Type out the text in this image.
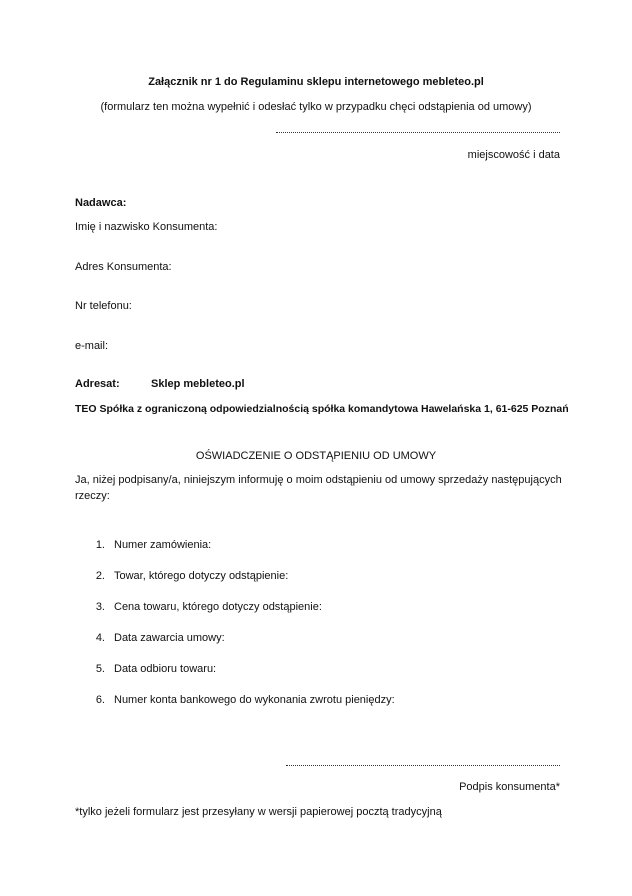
Załącznik nr 1 do Regulaminu sklepu internetowego mebleteo.pl
(formularz ten można wypełnić i odesłać tylko w przypadku chęci odstąpienia od umowy)
miejscowość i data
Nadawca:
Imię i nazwisko Konsumenta:
Adres Konsumenta:
Nr telefonu:
e-mail:
Adresat:	Sklep mebleteo.pl
TEO Spółka z ograniczoną odpowiedzialnością spółka komandytowa Hawelańska 1, 61-625 Poznań
OŚWIADCZENIE O ODSTĄPIENIU OD UMOWY
Ja, niżej podpisany/a, niniejszym informuję o moim odstąpieniu od umowy sprzedaży następujących
rzeczy:
1. Numer zamówienia:
2. Towar, którego dotyczy odstąpienie:
3. Cena towaru, którego dotyczy odstąpienie:
4. Data zawarcia umowy:
5. Data odbioru towaru:
6. Numer konta bankowego do wykonania zwrotu pieniędzy:
Podpis konsumenta*
*tylko jeżeli formularz jest przesyłany w wersji papierowej pocztą tradycyjną
